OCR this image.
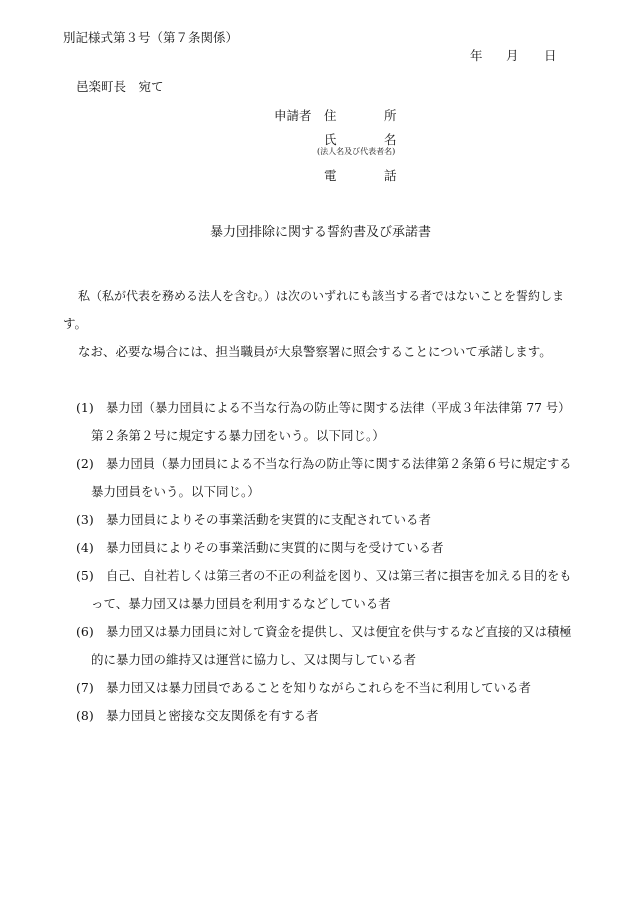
別記様式第３号（第７条関係）
年 月 日
邑楽町長　宛て
申請者 住	所
氏	名
(法人名及び代表者名)
電	話
暴力団排除に関する誓約書及び承諾書
私（私が代表を務める法人を含む。）は次のいずれにも該当する者ではないことを誓約しま
す。
なお、必要な場合には、担当職員が大泉警察署に照会することについて承諾します。
(1) 暴力団（暴力団員による不当な行為の防止等に関する法律（平成３年法律第 77 号）
第２条第２号に規定する暴力団をいう。以下同じ。）
(2) 暴力団員（暴力団員による不当な行為の防止等に関する法律第２条第６号に規定する
暴力団員をいう。以下同じ。）
(3) 暴力団員によりその事業活動を実質的に支配されている者
(4) 暴力団員によりその事業活動に実質的に関与を受けている者
(5) 自己、自社若しくは第三者の不正の利益を図り、又は第三者に損害を加える目的をも
って、暴力団又は暴力団員を利用するなどしている者
(6) 暴力団又は暴力団員に対して資金を提供し、又は便宜を供与するなど直接的又は積極
的に暴力団の維持又は運営に協力し、又は関与している者
(7) 暴力団又は暴力団員であることを知りながらこれらを不当に利用している者
(8) 暴力団員と密接な交友関係を有する者
